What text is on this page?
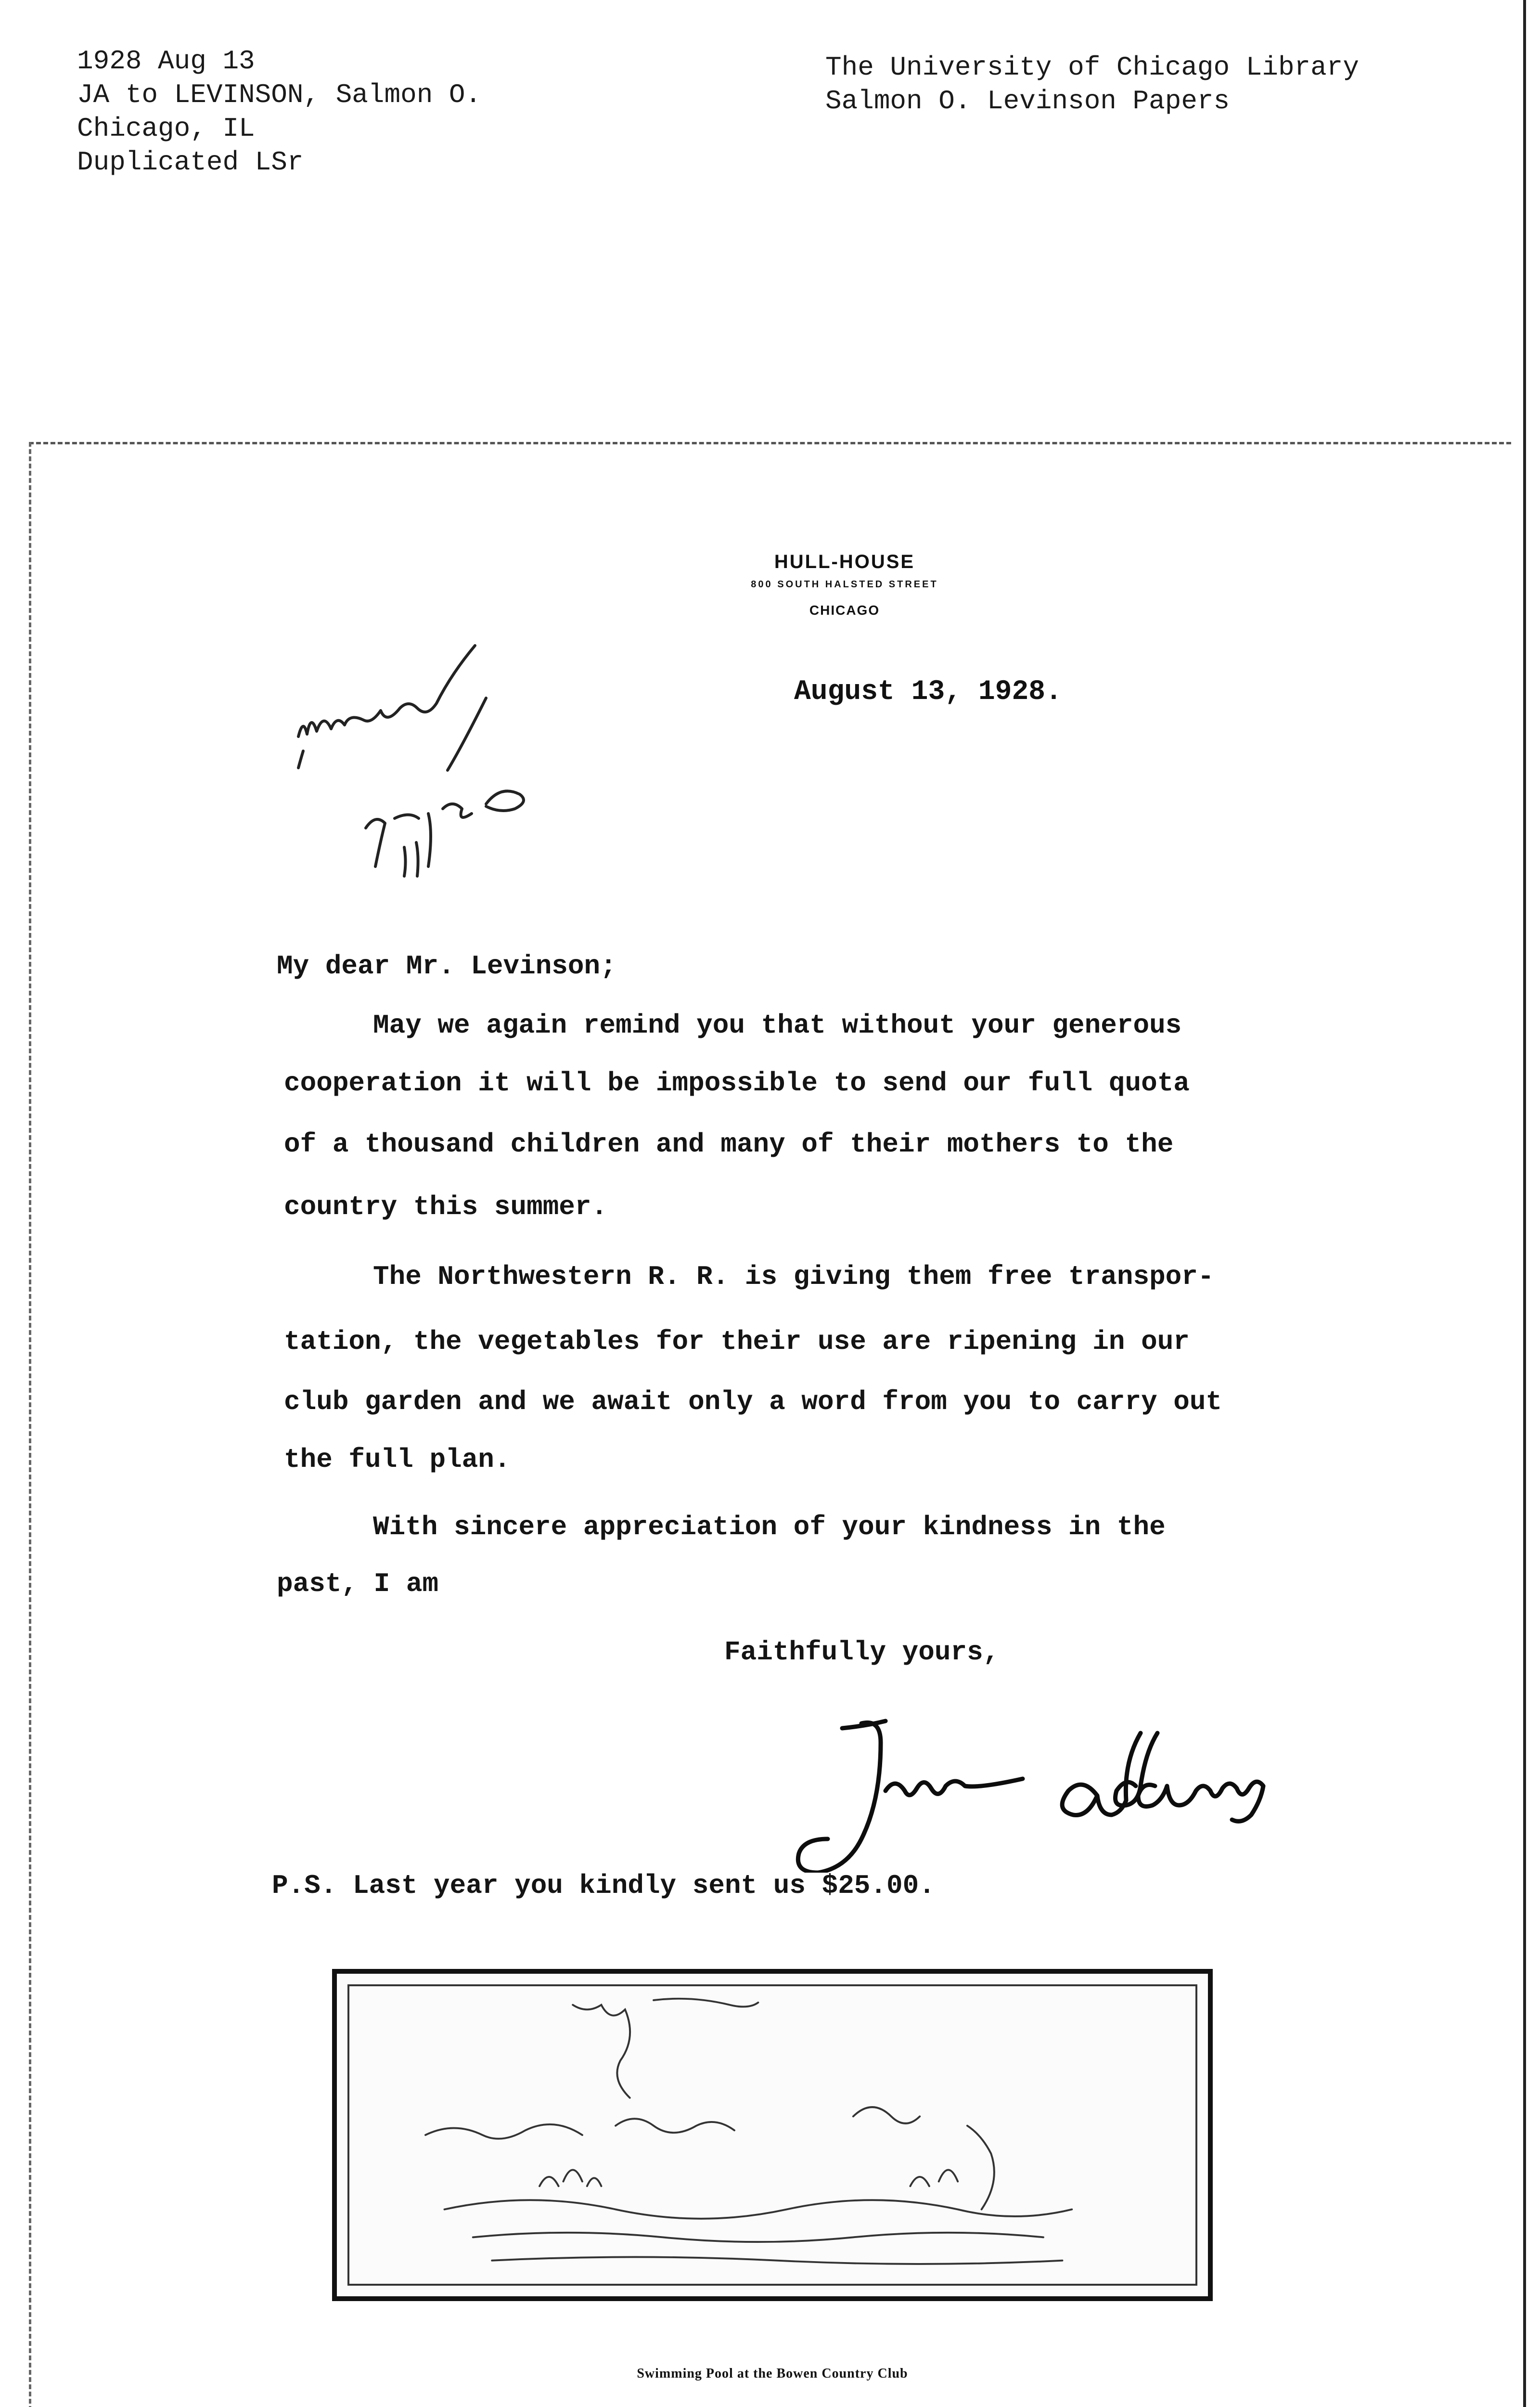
1928 Aug 13
JA to LEVINSON, Salmon O.
Chicago, IL
Duplicated LSr
The University of Chicago Library
Salmon O. Levinson Papers
HULL-HOUSE
800 SOUTH HALSTED STREET
CHICAGO
August 13, 1928.
My dear Mr. Levinson;
May we again remind you that without your generous
cooperation it will be impossible to send our full quota
of a thousand children and many of their mothers to the
country this summer.
The Northwestern R. R. is giving them free transpor-
tation, the vegetables for their use are ripening in our
club garden and we await only a word from you to carry out
the full plan.
With sincere appreciation of your kindness in the
past, I am
Faithfully yours,
P.S. Last year you kindly sent us $25.00.
Swimming Pool at the Bowen Country Club
